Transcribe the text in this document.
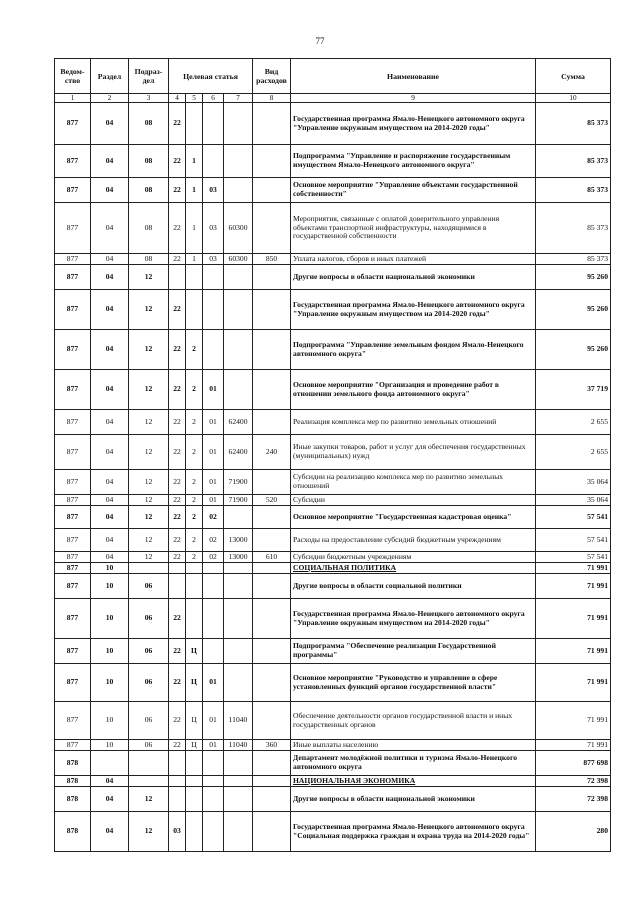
77
Ведом-
ство	Раздел	Подраз-
дел	Целевая статья				Вид
расходов	Наименование	Сумма
1	2	3	4	5	6	7	8	9	10
877	04	08	22					Государственная программа Ямало-Ненецкого автономного округа "Управление окружным имуществом на 2014-2020 годы"	85 373
877	04	08	22	1				Подпрограмма "Управление и распоряжение государственным имуществом Ямало-Ненецкого автономного округа"	85 373
877	04	08	22	1	03			Основное мероприятие "Управление объектами государственной собственности"	85 373
877	04	08	22	1	03	60300		Мероприятия, связанные с оплатой доверительного управления объектами транспортной инфраструктуры, находящимися в государственной собственности	85 373
877	04	08	22	1	03	60300	850	Уплата налогов, сборов и иных платежей	85 373
877	04	12						Другие вопросы в области национальной экономики	95 260
877	04	12	22					Государственная программа Ямало-Ненецкого автономного округа "Управление окружным имуществом на 2014-2020 годы"	95 260
877	04	12	22	2				Подпрограмма "Управление земельным фондом Ямало-Ненецкого автономного округа"	95 260
877	04	12	22	2	01			Основное мероприятие "Организация и проведение работ в отношении земельного фонда автономного округа"	37 719
877	04	12	22	2	01	62400		Реализация комплекса мер по развитию земельных отношений	2 655
877	04	12	22	2	01	62400	240	Иные закупки товаров, работ и услуг для обеспечения государственных (муниципальных) нужд	2 655
877	04	12	22	2	01	71900		Субсидии на реализацию комплекса мер по развитию земельных отношений	35 064
877	04	12	22	2	01	71900	520	Субсидии	35 064
877	04	12	22	2	02			Основное мероприятие "Государственная кадастровая оценка"	57 541
877	04	12	22	2	02	13000		Расходы на предоставление субсидий бюджетным учреждениям	57 541
877	04	12	22	2	02	13000	610	Субсидии бюджетным учреждениям	57 541
877	10							СОЦИАЛЬНАЯ ПОЛИТИКА	71 991
877	10	06						Другие вопросы в области социальной политики	71 991
877	10	06	22					Государственная программа Ямало-Ненецкого автономного округа "Управление окружным имуществом на 2014-2020 годы"	71 991
877	10	06	22	Ц				Подпрограмма "Обеспечение реализации Государственной программы"	71 991
877	10	06	22	Ц	01			Основное мероприятие "Руководство и управление в сфере установленных функций органов государственной власти"	71 991
877	10	06	22	Ц	01	11040		Обеспечение деятельности органов государственной власти и иных государственных органов	71 991
877	10	06	22	Ц	01	11040	360	Иные выплаты населению	71 991
878								Департамент молодёжной политики и туризма Ямало-Ненецкого автономного округа	877 698
878	04							НАЦИОНАЛЬНАЯ ЭКОНОМИКА	72 398
878	04	12						Другие вопросы в области национальной экономики	72 398
878	04	12	03					Государственная программа Ямало-Ненецкого автономного округа "Социальная поддержка граждан и охрана труда на 2014-2020 годы"	280
